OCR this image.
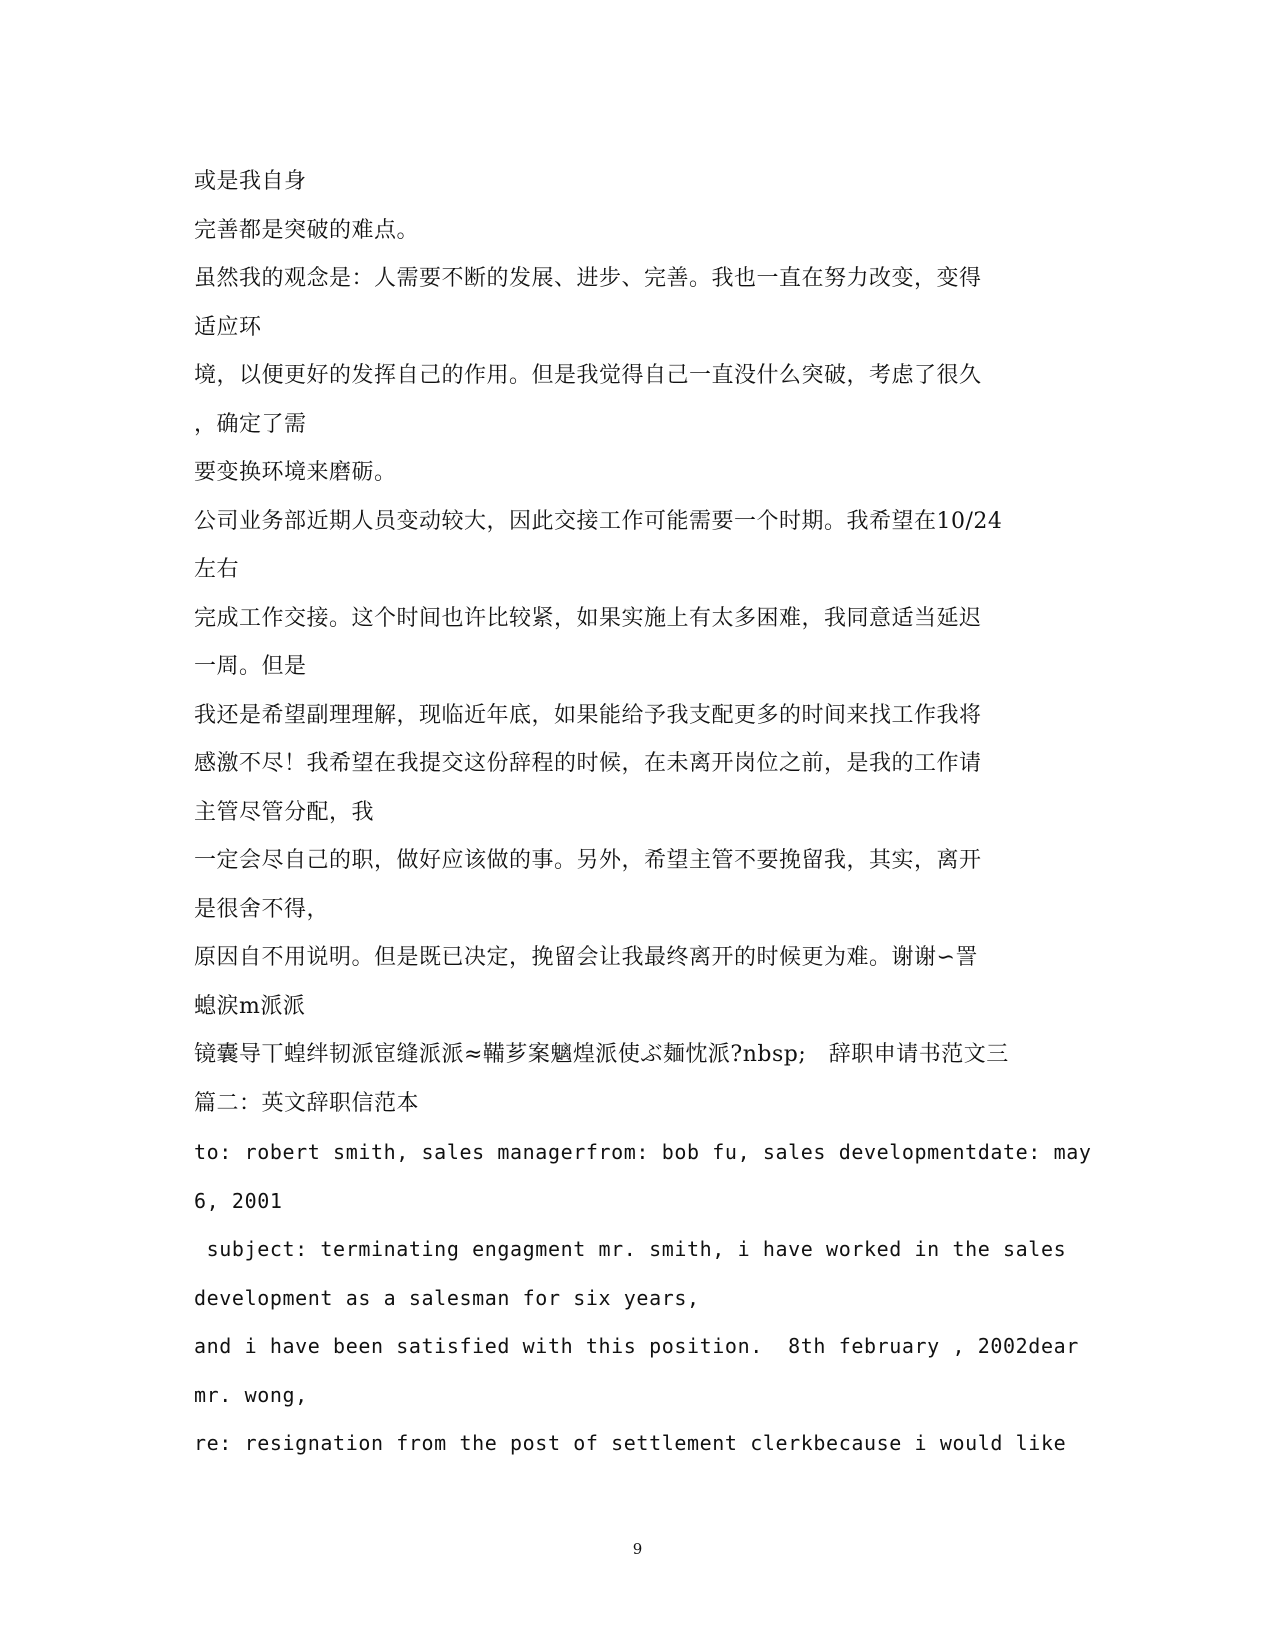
或是我自身
完善都是突破的难点。
虽然我的观念是：人需要不断的发展、进步、完善。我也一直在努力改变，变得
适应环
境，以便更好的发挥自己的作用。但是我觉得自己一直没什么突破，考虑了很久
，确定了需
要变换环境来磨砺。
公司业务部近期人员变动较大，因此交接工作可能需要一个时期。我希望在10/24
左右
完成工作交接。这个时间也许比较紧，如果实施上有太多困难，我同意适当延迟
一周。但是
我还是希望副理理解，现临近年底，如果能给予我支配更多的时间来找工作我将
感激不尽！我希望在我提交这份辞程的时候，在未离开岗位之前，是我的工作请
主管尽管分配，我
一定会尽自己的职，做好应该做的事。另外，希望主管不要挽留我，其实，离开
是很舍不得，
原因自不用说明。但是既已决定，挽留会让我最终离开的时候更为难。谢谢∽詈
螅涙m派派
镜囊导丅蝗绊韧派宦缝派派≈鞴芗案魑煌派使ぶ麺忱派?nbsp;　辞职申请书范文三
篇二：英文辞职信范本
to: robert smith, sales managerfrom: bob fu, sales developmentdate: may
6, 2001
subject: terminating engagment mr. smith, i have worked in the sales
development as a salesman for six years,
and i have been satisfied with this position.  8th february , 2002dear
mr. wong,
re: resignation from the post of settlement clerkbecause i would like
9
